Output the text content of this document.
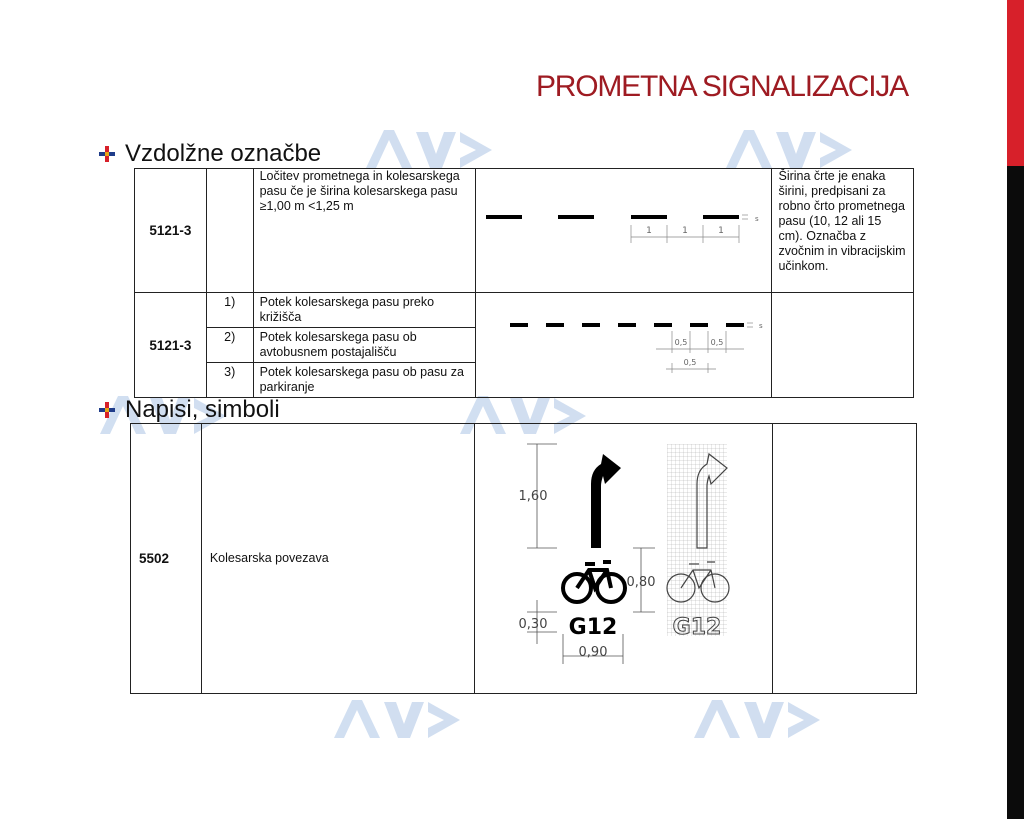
PROMETNA SIGNALIZACIJA
AVP
Vzdolžne označbe
5121-3		Ločitev prometnega in kolesarskega pasu če je širina kolesarskega pasu ≥1,00 m <1,25 m	1 1 1
s	Širina črte je enaka širini, predpisani za robno črto prometnega pasu (10, 12 ali 15 cm). Označba z zvočnim in vibracijskim učinkom.
5121-3	1)	Potek kolesarskega pasu preko križišča	0,5 0,5
0,5
s	

	2)	Potek kolesarskega pasu ob avtobusnem postajališču		
	3)	Potek kolesarskega pasu ob pasu za parkiranje		
Napisi, simboli
5502	Kolesarska povezava	
1,60
0,30
0,90
0,80
G12	G12
